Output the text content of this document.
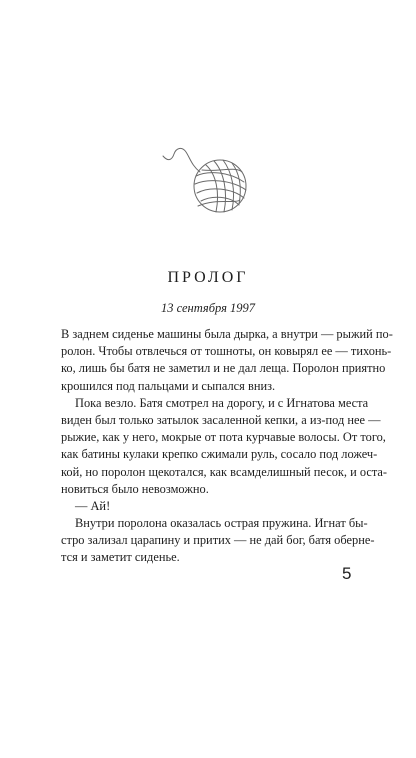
ПРОЛОГ
13 сентября 1997
В заднем сиденье машины была дырка, а внутри — рыжий по-
ролон. Чтобы отвлечься от тошноты, он ковырял ее — тихонь-
ко, лишь бы батя не заметил и не дал леща. Поролон приятно
крошился под пальцами и сыпался вниз.
Пока везло. Батя смотрел на дорогу, и с Игнатова места
виден был только затылок засаленной кепки, а из-под нее —
рыжие, как у него, мокрые от пота курчавые волосы. От того,
как батины кулаки крепко сжимали руль, сосало под ложеч-
кой, но поролон щекотался, как всамделишный песок, и оста-
новиться было невозможно.
— Ай!
Внутри поролона оказалась острая пружина. Игнат бы-
стро зализал царапину и притих — не дай бог, батя оберне-
тся и заметит сиденье.
5
